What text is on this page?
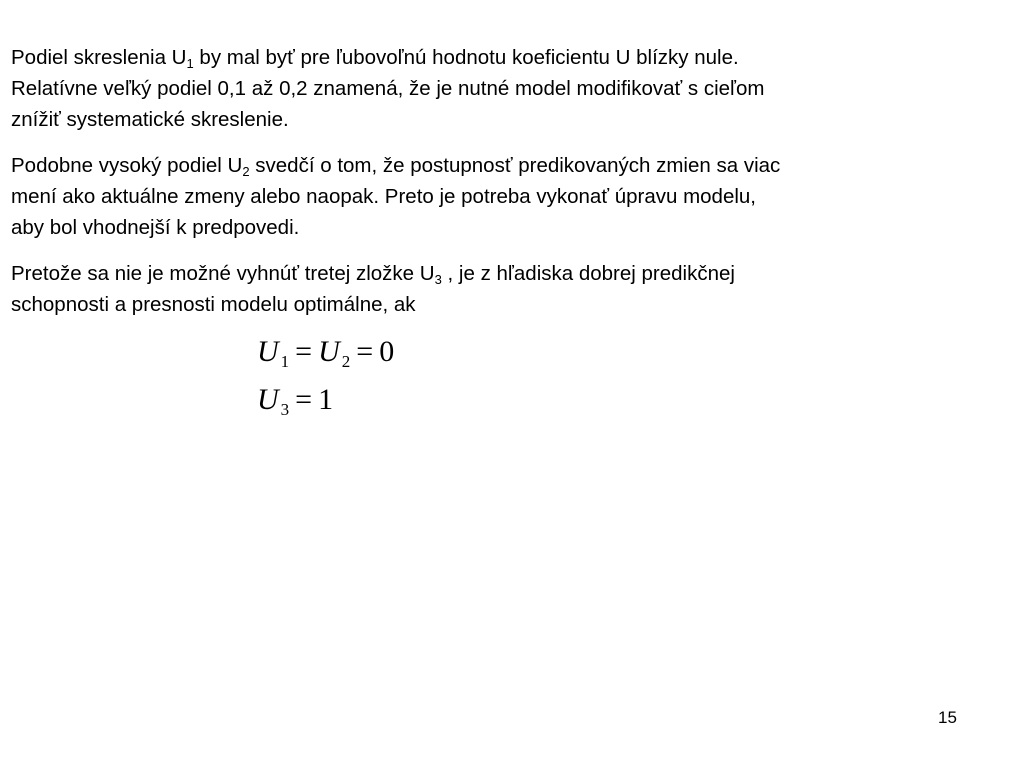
Podiel skreslenia $U_1$ by mal byť pre ľubovoľnú hodnotu koeficientu U blízky nule.
Relatívne veľký podiel 0,1 až 0,2 znamená, že je nutné model modifikovať s cieľom
znížiť systematické skreslenie.

Podobne vysoký podiel $U_2$ svedčí o tom, že postupnosť predikovaných zmien sa viac
mení ako aktuálne zmeny alebo naopak. Preto je potreba vykonať úpravu modelu,
aby bol vhodnejší k predpovedi.

Pretože sa nie je možné vyhnúť tretej zložke $U_3$ , je z hľadiska dobrej predikčnej
schopnosti a presnosti modelu optimálne, ak

U $_1$ = U $_2$ = 0
U $_3$ = 1
15
